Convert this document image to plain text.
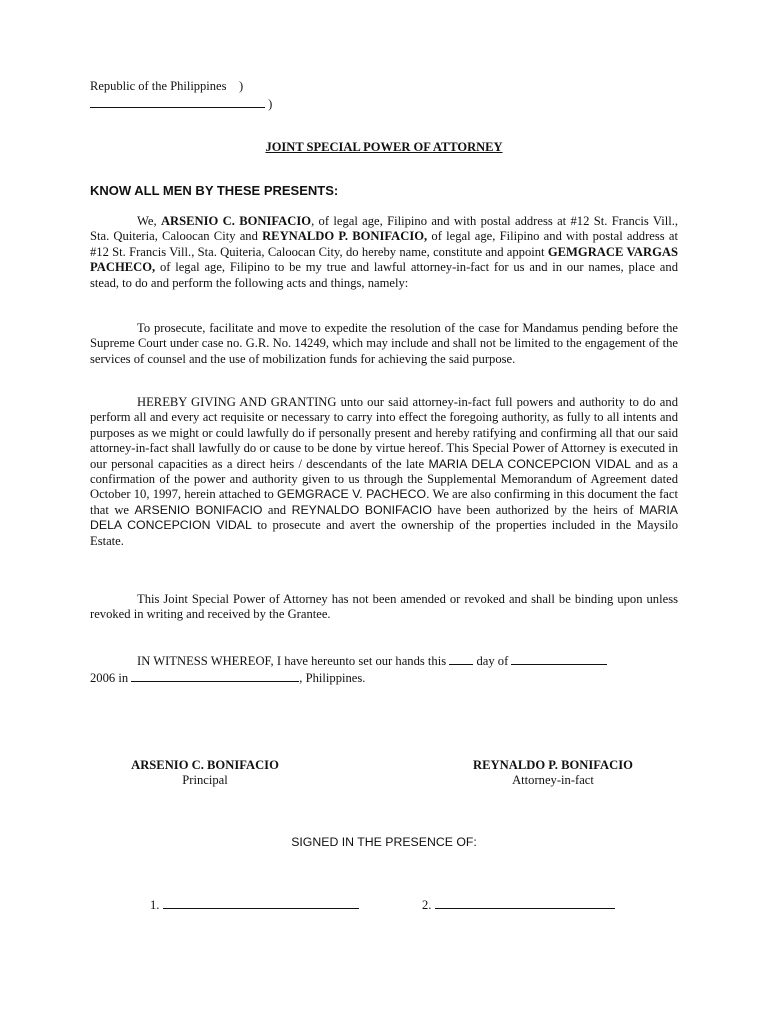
Republic of the Philippines )
)
JOINT SPECIAL POWER OF ATTORNEY
KNOW ALL MEN BY THESE PRESENTS:

We, ARSENIO C. BONIFACIO, of legal age, Filipino and with postal address at #12 St. Francis Vill., Sta. Quiteria, Caloocan City and REYNALDO P. BONIFACIO, of legal age, Filipino and with postal address at #12 St. Francis Vill., Sta. Quiteria, Caloocan City, do hereby name, constitute and appoint GEMGRACE VARGAS PACHECO, of legal age, Filipino to be my true and lawful attorney-in-fact for us and in our names, place and stead, to do and perform the following acts and things, namely:

To prosecute, facilitate and move to expedite the resolution of the case for Mandamus pending before the Supreme Court under case no. G.R. No. 14249, which may include and shall not be limited to the engagement of the services of counsel and the use of mobilization funds for achieving the said purpose.

HEREBY GIVING AND GRANTING unto our said attorney-in-fact full powers and authority to do and perform all and every act requisite or necessary to carry into effect the foregoing authority, as fully to all intents and purposes as we might or could lawfully do if personally present and hereby ratifying and confirming all that our said attorney-in-fact shall lawfully do or cause to be done by virtue hereof. This Special Power of Attorney is executed in our personal capacities as a direct heirs / descendants of the late MARIA DELA CONCEPCION VIDAL and as a confirmation of the power and authority given to us through the Supplemental Memorandum of Agreement dated October 10, 1997, herein attached to GEMGRACE V. PACHECO. We are also confirming in this document the fact that we ARSENIO BONIFACIO and REYNALDO BONIFACIO have been authorized by the heirs of MARIA DELA CONCEPCION VIDAL to prosecute and avert the ownership of the properties included in the Maysilo Estate.

This Joint Special Power of Attorney has not been amended or revoked and shall be binding upon unless revoked in writing and received by the Grantee.

IN WITNESS WHEREOF, I have hereunto set our hands this day of
2006 in	, Philippines.

ARSENIO C. BONIFACIO
Principal
REYNALDO P. BONIFACIO
Attorney-in-fact
SIGNED IN THE PRESENCE OF:
1.	2.
